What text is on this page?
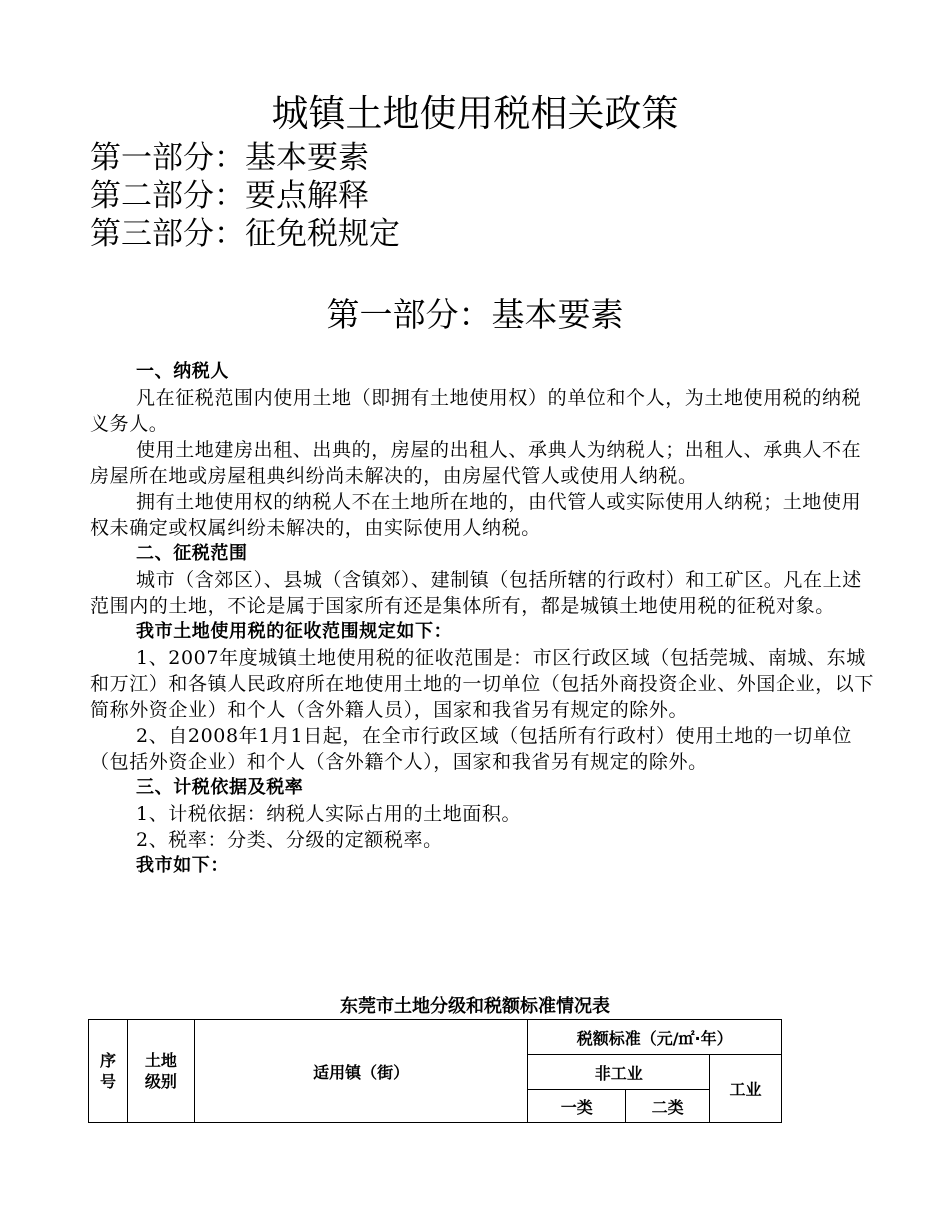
城镇土地使用税相关政策
第一部分：基本要素
第二部分：要点解释
第三部分：征免税规定
第一部分：基本要素

一、纳税人

凡在征税范围内使用土地（即拥有土地使用权）的单位和个人，为土地使用税的纳税义务人。

使用土地建房出租、出典的，房屋的出租人、承典人为纳税人；出租人、承典人不在房屋所在地或房屋租典纠纷尚未解决的，由房屋代管人或使用人纳税。

拥有土地使用权的纳税人不在土地所在地的，由代管人或实际使用人纳税；土地使用权未确定或权属纠纷未解决的，由实际使用人纳税。

二、征税范围

城市（含郊区）、县城（含镇郊）、建制镇（包括所辖的行政村）和工矿区。凡在上述范围内的土地，不论是属于国家所有还是集体所有，都是城镇土地使用税的征税对象。

我市土地使用税的征收范围规定如下：

1、2007年度城镇土地使用税的征收范围是：市区行政区域（包括莞城、南城、东城和万江）和各镇人民政府所在地使用土地的一切单位（包括外商投资企业、外国企业，以下简称外资企业）和个人（含外籍人员），国家和我省另有规定的除外。

2、自2008年1月1日起，在全市行政区域（包括所有行政村）使用土地的一切单位（包括外资企业）和个人（含外籍个人），国家和我省另有规定的除外。

三、计税依据及税率

1、计税依据：纳税人实际占用的土地面积。

2、税率：分类、分级的定额税率。

我市如下：

东莞市土地分级和税额标准情况表
序号	土地级别	适用镇（街）	税额标准（元/㎡·年）		
			非工业		工业
			一类	二类	
